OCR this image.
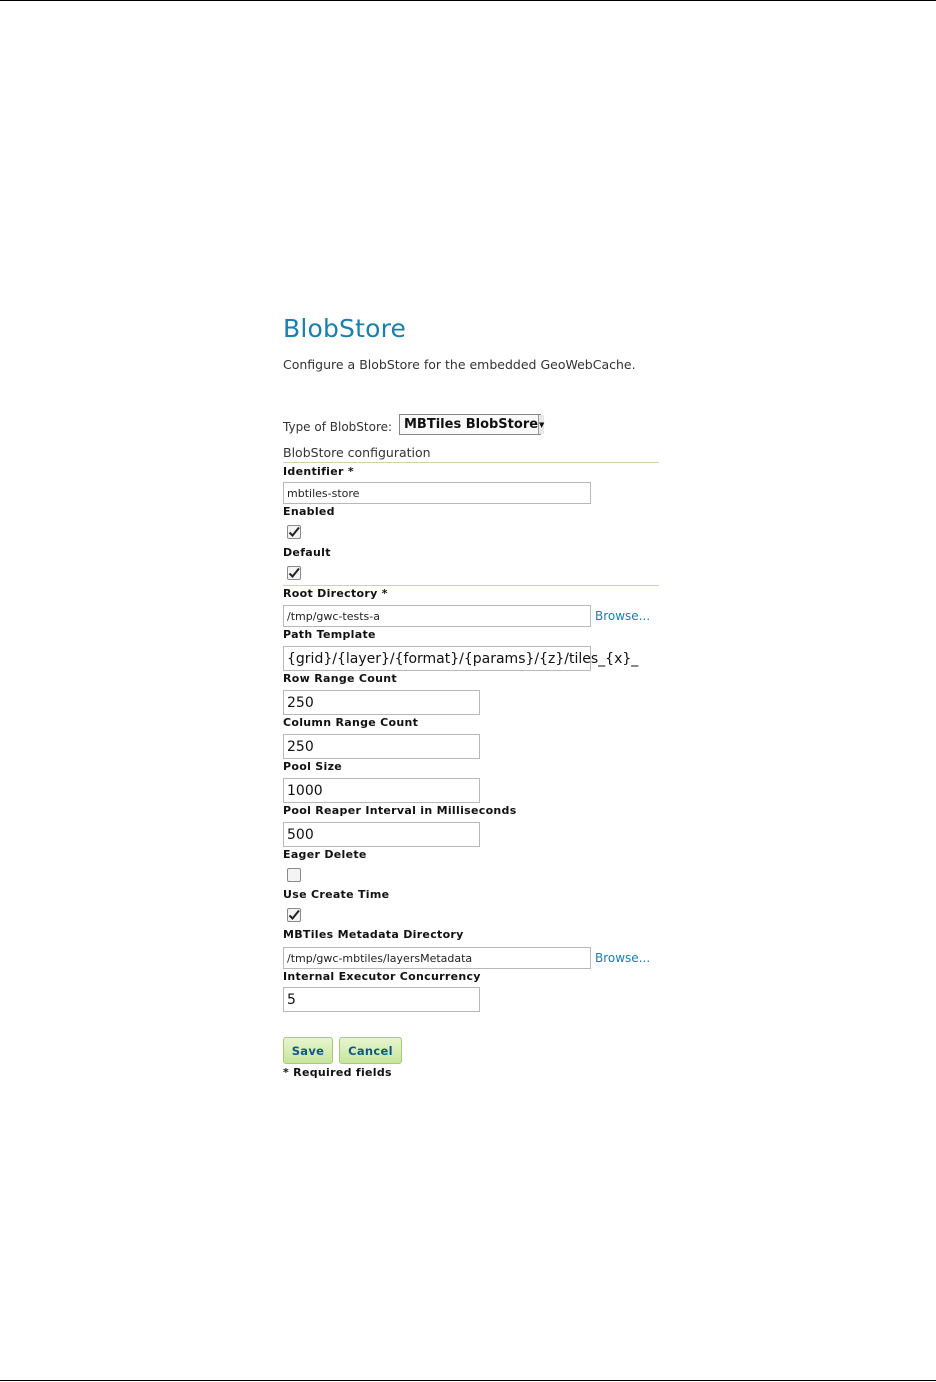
BlobStore
Configure a BlobStore for the embedded GeoWebCache.
Type of BlobStore: MBTiles BlobStore ▼
BlobStore configuration
Identifier *
mbtiles-store
Enabled
Default
Root Directory *
/tmp/gwc-tests-a	Browse...
Path Template
{grid}/{layer}/{format}/{params}/{z}/tiles_{x}_
Row Range Count
250
Column Range Count
250
Pool Size
1000
Pool Reaper Interval in Milliseconds
500
Eager Delete
Use Create Time
MBTiles Metadata Directory
/tmp/gwc-mbtiles/layersMetadata	Browse...
Internal Executor Concurrency
5
Save	Cancel
* Required fields
